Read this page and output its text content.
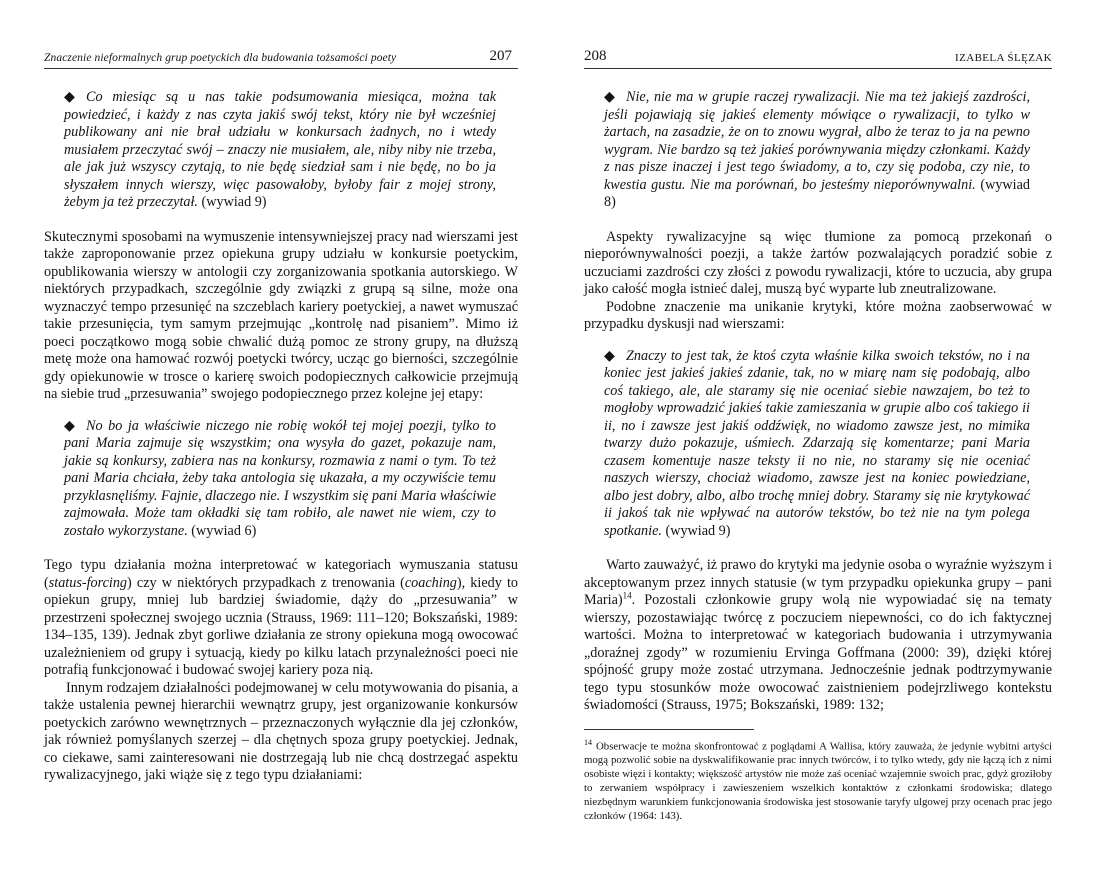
Znaczenie nieformalnych grup poetyckich dla budowania tożsamości poety	207
◆ Co miesiąc są u nas takie podsumowania miesiąca, można tak powiedzieć, i każdy z nas czyta jakiś swój tekst, który nie był wcześniej publikowany ani nie brał udziału w konkursach żadnych, no i wtedy musiałem przeczytać swój – znaczy nie musiałem, ale, niby niby nie trzeba, ale jak już wszyscy czytają, to nie będę siedział sam i nie będę, no bo ja słyszałem innych wierszy, więc pasowałoby, byłoby fair z mojej strony, żebym ja też przeczytał. (wywiad 9)

Skutecznymi sposobami na wymuszenie intensywniejszej pracy nad wierszami jest także zaproponowanie przez opiekuna grupy udziału w konkursie poetyckim, opublikowania wierszy w antologii czy zorganizowania spotkania autorskiego. W niektórych przypadkach, szczególnie gdy związki z grupą są silne, może ona wyznaczyć tempo przesunięć na szczeblach kariery poetyckiej, a nawet wymuszać takie przesunięcia, tym samym przejmując „kontrolę nad pisaniem”. Mimo iż poeci początkowo mogą sobie chwalić dużą pomoc ze strony grupy, na dłuższą metę może ona hamować rozwój poetycki twórcy, ucząc go bierności, szczególnie gdy opiekunowie w trosce o karierę swoich podopiecznych całkowicie przejmują na siebie trud „przesuwania” swojego podopiecznego przez kolejne jej etapy:

◆ No bo ja właściwie niczego nie robię wokół tej mojej poezji, tylko to pani Maria zajmuje się wszystkim; ona wysyła do gazet, pokazuje nam, jakie są konkursy, zabiera nas na konkursy, rozmawia z nami o tym. To też pani Maria chciała, żeby taka antologia się ukazała, a my oczywiście temu przyklasnęliśmy. Fajnie, dlaczego nie. I wszystkim się pani Maria właściwie zajmowała. Może tam okładki się tam robiło, ale nawet nie wiem, czy to zostało wykorzystane. (wywiad 6)

Tego typu działania można interpretować w kategoriach wymuszania statusu (status-forcing) czy w niektórych przypadkach z trenowania (coaching), kiedy to opiekun grupy, mniej lub bardziej świadomie, dąży do „przesuwania” w przestrzeni społecznej swojego ucznia (Strauss, 1969: 111–120; Bokszański, 1989: 134–135, 139). Jednak zbyt gorliwe działania ze strony opiekuna mogą owocować uzależnieniem od grupy i sytuacją, kiedy po kilku latach przynależności poeci nie potrafią funkcjonować i budować swojej kariery poza nią.

Innym rodzajem działalności podejmowanej w celu motywowania do pisania, a także ustalenia pewnej hierarchii wewnątrz grupy, jest organizowanie konkursów poetyckich zarówno wewnętrznych – przeznaczonych wyłącznie dla jej członków, jak również pomyślanych szerzej – dla chętnych spoza grupy poetyckiej. Jednak, co ciekawe, sami zainteresowani nie dostrzegają lub nie chcą dostrzegać aspektu rywalizacyjnego, jaki wiąże się z tego typu działaniami:

208	IZABELA ŚLĘZAK
◆ Nie, nie ma w grupie raczej rywalizacji. Nie ma też jakiejś zazdrości, jeśli pojawiają się jakieś elementy mówiące o rywalizacji, to tylko w żartach, na zasadzie, że on to znowu wygrał, albo że teraz to ja na pewno wygram. Nie bardzo są też jakieś porównywania między członkami. Każdy z nas pisze inaczej i jest tego świadomy, a to, czy się podoba, czy nie, to kwestia gustu. Nie ma porównań, bo jesteśmy nieporównywalni. (wywiad 8)

Aspekty rywalizacyjne są więc tłumione za pomocą przekonań o nieporównywalności poezji, a także żartów pozwalających poradzić sobie z uczuciami zazdrości czy złości z powodu rywalizacji, które to uczucia, aby grupa jako całość mogła istnieć dalej, muszą być wyparte lub zneutralizowane.

Podobne znaczenie ma unikanie krytyki, które można zaobserwować w przypadku dyskusji nad wierszami:

◆ Znaczy to jest tak, że ktoś czyta właśnie kilka swoich tekstów, no i na koniec jest jakieś jakieś zdanie, tak, no w miarę nam się podobają, albo coś takiego, ale, ale staramy się nie oceniać siebie nawzajem, bo też to mogłoby wprowadzić jakieś takie zamieszania w grupie albo coś takiego ii ii, no i zawsze jest jakiś oddźwięk, no wiadomo zawsze jest, no mimika twarzy dużo pokazuje, uśmiech. Zdarzają się komentarze; pani Maria czasem komentuje nasze teksty ii no nie, no staramy się nie oceniać naszych wierszy, chociaż wiadomo, zawsze jest na koniec powiedziane, albo jest dobry, albo, albo trochę mniej dobry. Staramy się nie krytykować ii jakoś tak nie wpływać na autorów tekstów, bo też nie na tym polega spotkanie. (wywiad 9)

Warto zauważyć, iż prawo do krytyki ma jedynie osoba o wyraźnie wyższym i akceptowanym przez innych statusie (w tym przypadku opiekunka grupy – pani Maria)$^{14}$. Pozostali członkowie grupy wolą nie wypowiadać się na tematy wierszy, pozostawiając twórcę z poczuciem niepewności, co do ich faktycznej wartości. Można to interpretować w kategoriach budowania i utrzymywania „doraźnej zgody” w rozumieniu Ervinga Goffmana (2000: 39), dzięki której spójność grupy może zostać utrzymana. Jednocześnie jednak podtrzymywanie tego typu stosunków może owocować zaistnieniem podejrzliwego kontekstu świadomości (Strauss, 1975; Bokszański, 1989: 132;

$^{14}$ Obserwacje te można skonfrontować z poglądami A Wallisa, który zauważa, że jedynie wybitni artyści mogą pozwolić sobie na dyskwalifikowanie prac innych twórców, i to tylko wtedy, gdy nie łączą ich z nimi osobiste więzi i kontakty; większość artystów nie może zaś oceniać wzajemnie swoich prac, gdyż groziłoby to zerwaniem współpracy i zawieszeniem wszelkich kontaktów z członkami środowiska; dlatego niezbędnym warunkiem funkcjonowania środowiska jest stosowanie taryfy ulgowej przy ocenach prac jego członków (1964: 143).
